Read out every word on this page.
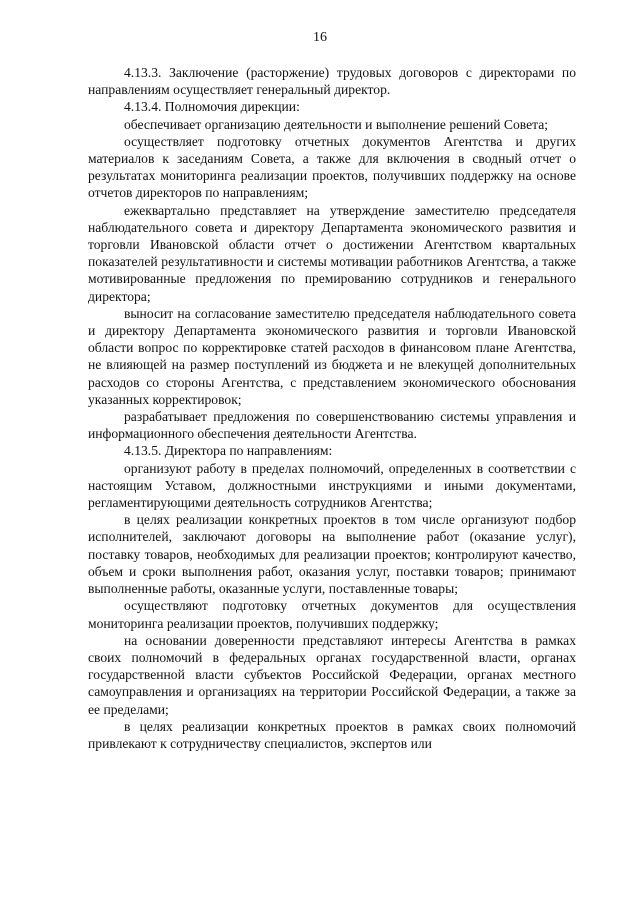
16

4.13.3. Заключение (расторжение) трудовых договоров с директорами по направлениям осуществляет генеральный директор.

4.13.4. Полномочия дирекции:

обеспечивает организацию деятельности и выполнение решений Совета;

осуществляет подготовку отчетных документов Агентства и других материалов к заседаниям Совета, а также для включения в сводный отчет о результатах мониторинга реализации проектов, получивших поддержку на основе отчетов директоров по направлениям;

ежеквартально представляет на утверждение заместителю председателя наблюдательного совета и директору Департамента экономического развития и торговли Ивановской области отчет о достижении Агентством квартальных показателей результативности и системы мотивации работников Агентства, а также мотивированные предложения по премированию сотрудников и генерального директора;

выносит на согласование заместителю председателя наблюдательного совета и директору Департамента экономического развития и торговли Ивановской области вопрос по корректировке статей расходов в финансовом плане Агентства, не влияющей на размер поступлений из бюджета и не влекущей дополнительных расходов со стороны Агентства, с представлением экономического обоснования указанных корректировок;

разрабатывает предложения по совершенствованию системы управления и информационного обеспечения деятельности Агентства.

4.13.5. Директора по направлениям:

организуют работу в пределах полномочий, определенных в соответствии с настоящим Уставом, должностными инструкциями и иными документами, регламентирующими деятельность сотрудников Агентства;

в целях реализации конкретных проектов в том числе организуют подбор исполнителей, заключают договоры на выполнение работ (оказание услуг), поставку товаров, необходимых для реализации проектов; контролируют качество, объем и сроки выполнения работ, оказания услуг, поставки товаров; принимают выполненные работы, оказанные услуги, поставленные товары;

осуществляют подготовку отчетных документов для осуществления мониторинга реализации проектов, получивших поддержку;

на основании доверенности представляют интересы Агентства в рамках своих полномочий в федеральных органах государственной власти, органах государственной власти субъектов Российской Федерации, органах местного самоуправления и организациях на территории Российской Федерации, а также за ее пределами;

в целях реализации конкретных проектов в рамках своих полномочий привлекают к сотрудничеству специалистов, экспертов или
